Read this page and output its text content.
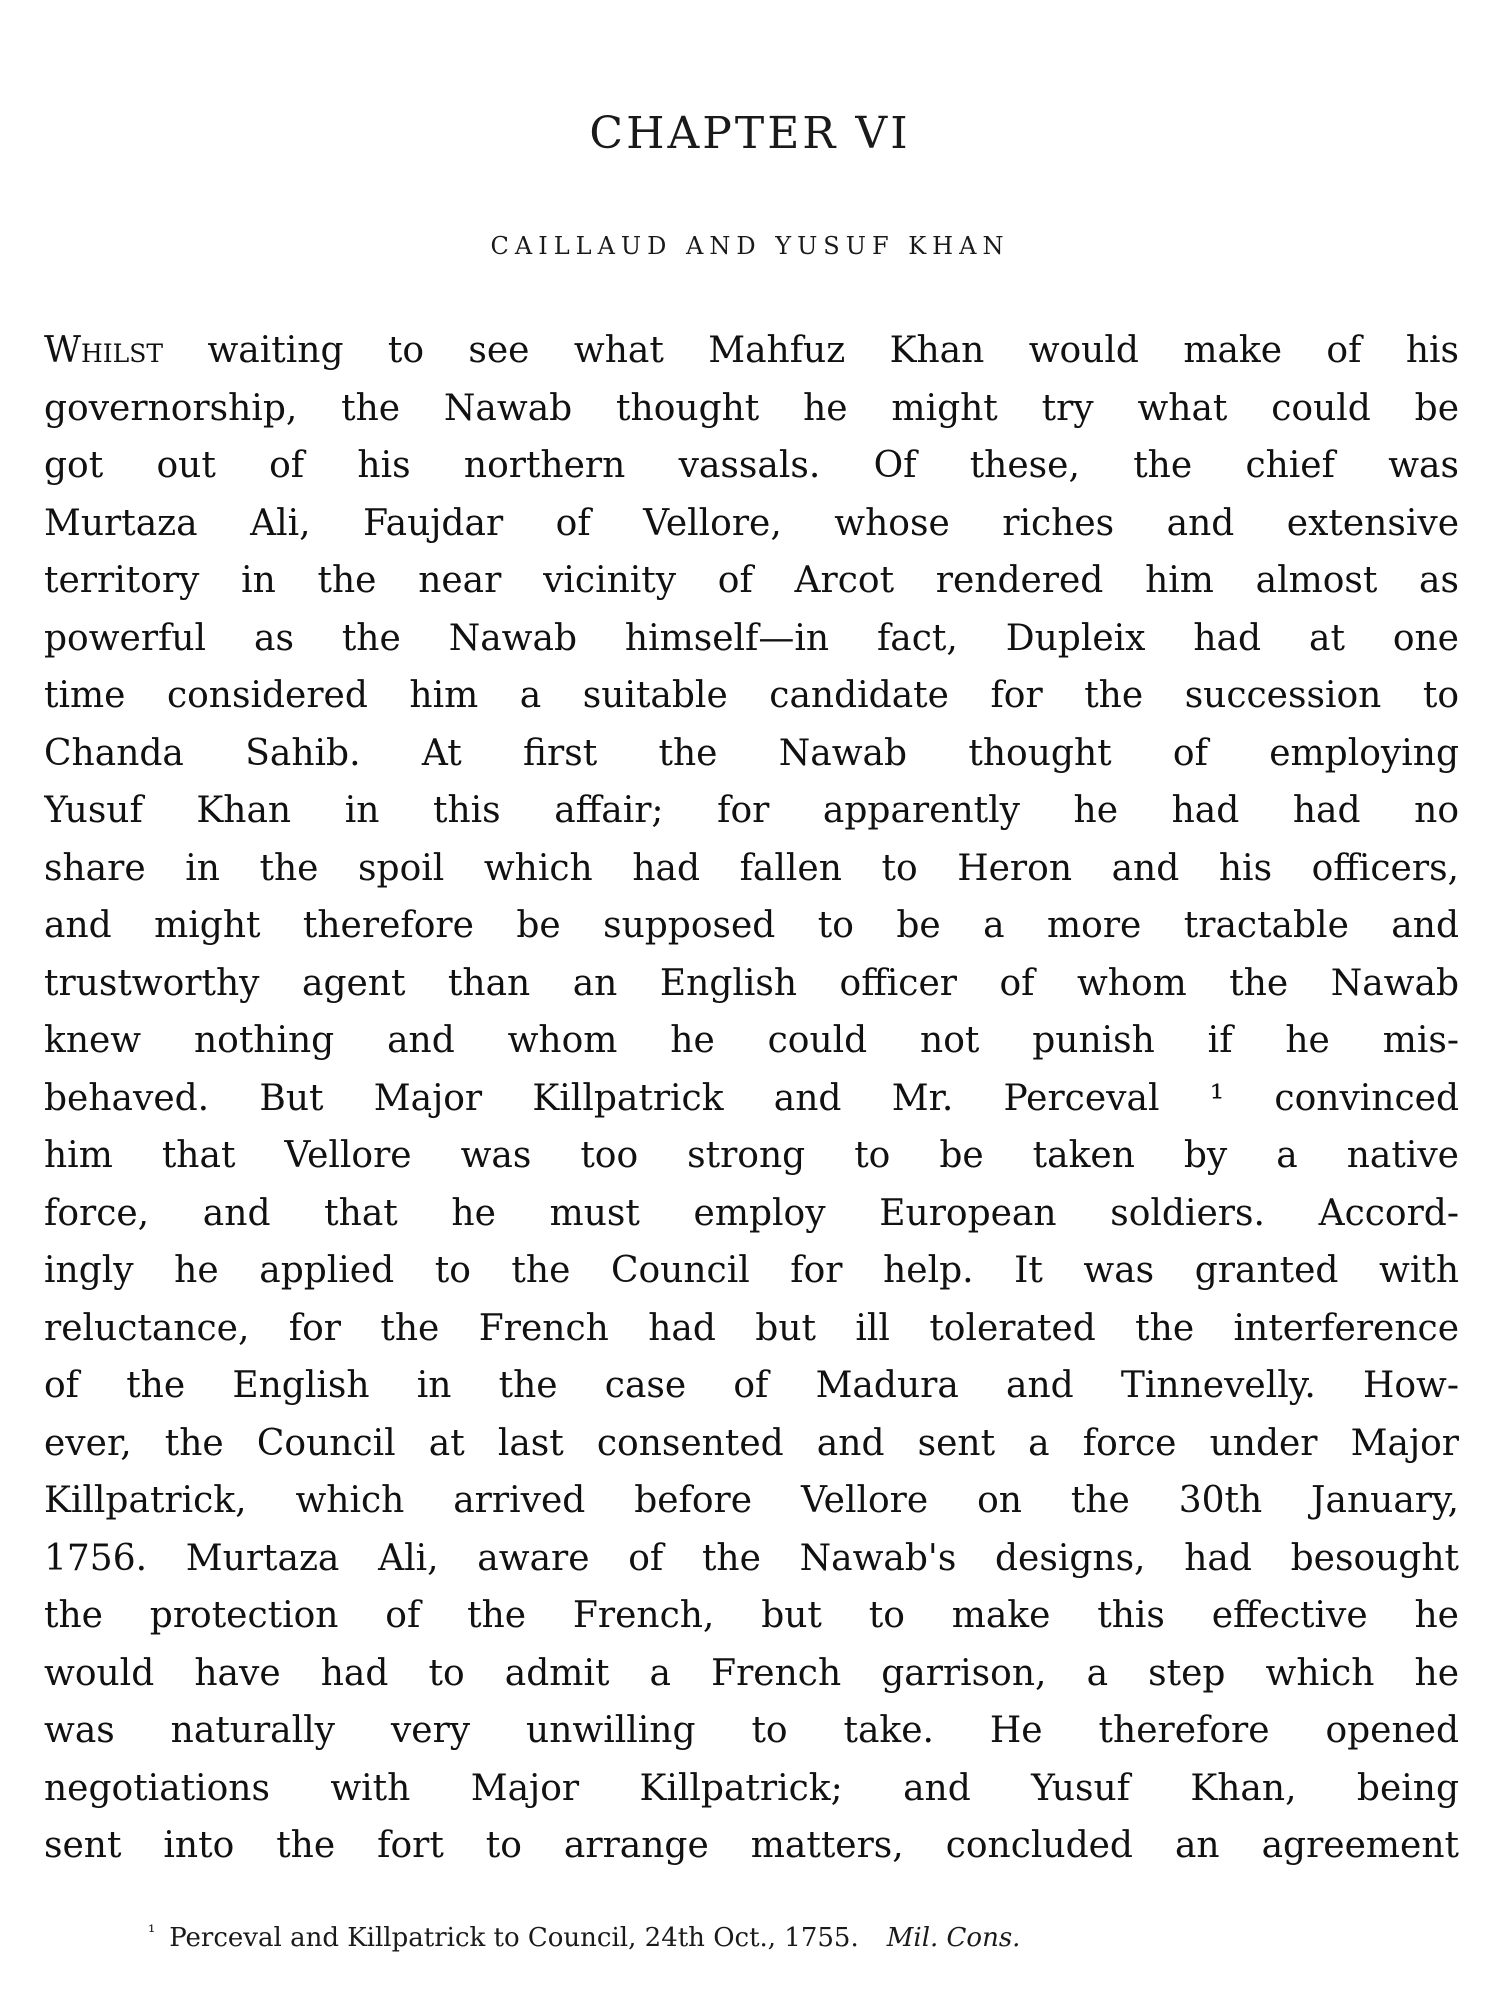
CHAPTER VI
CAILLAUD AND YUSUF KHAN
Whilst waiting to see what Mahfuz Khan would make of his
governorship, the Nawab thought he might try what could be
got out of his northern vassals. Of these, the chief was
Murtaza Ali, Faujdar of Vellore, whose riches and extensive
territory in the near vicinity of Arcot rendered him almost as
powerful as the Nawab himself—in fact, Dupleix had at one
time considered him a suitable candidate for the succession to
Chanda Sahib. At first the Nawab thought of employing
Yusuf Khan in this affair; for apparently he had had no
share in the spoil which had fallen to Heron and his officers,
and might therefore be supposed to be a more tractable and
trustworthy agent than an English officer of whom the Nawab
knew nothing and whom he could not punish if he mis-
behaved. But Major Killpatrick and Mr. Perceval ¹ convinced
him that Vellore was too strong to be taken by a native
force, and that he must employ European soldiers. Accord-
ingly he applied to the Council for help. It was granted with
reluctance, for the French had but ill tolerated the interference
of the English in the case of Madura and Tinnevelly. How-
ever, the Council at last consented and sent a force under Major
Killpatrick, which arrived before Vellore on the 30th January,
1756. Murtaza Ali, aware of the Nawab's designs, had besought
the protection of the French, but to make this effective he
would have had to admit a French garrison, a step which he
was naturally very unwilling to take. He therefore opened
negotiations with Major Killpatrick; and Yusuf Khan, being
sent into the fort to arrange matters, concluded an agreement
$^{^1}$ Perceval and Killpatrick to Council, 24th Oct., 1755. Mil. Cons.
